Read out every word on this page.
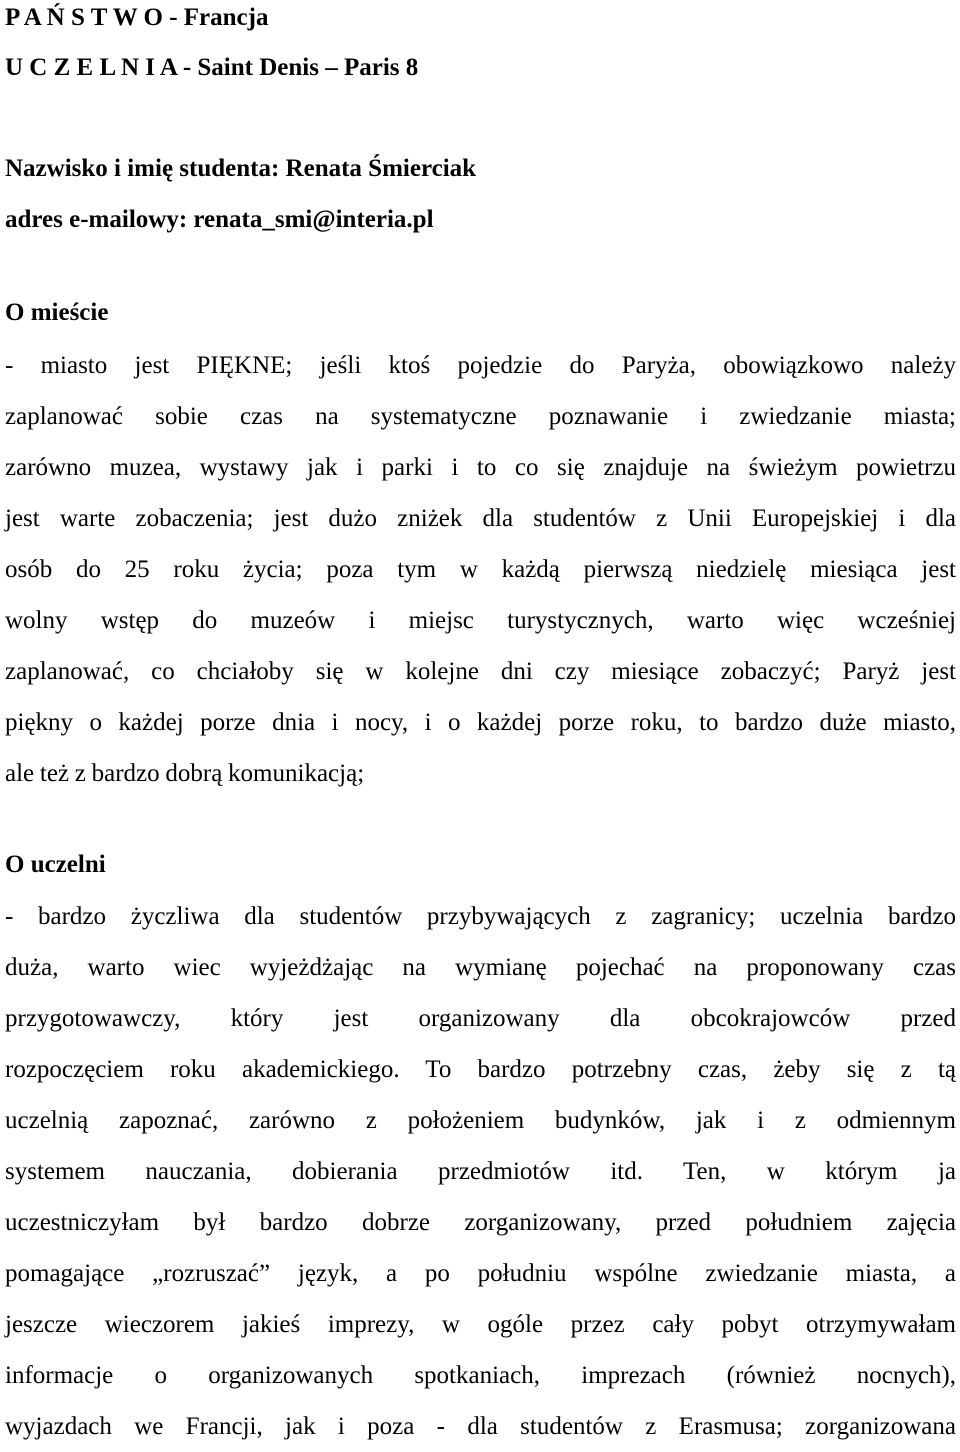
P A Ń S T W O - Francja
U C Z E L N I A - Saint Denis – Paris 8
Nazwisko i imię studenta: Renata Śmierciak
adres e-mailowy: renata_smi@interia.pl
O mieście
- miasto jest PIĘKNE; jeśli ktoś pojedzie do Paryża, obowiązkowo należy
zaplanować sobie czas na systematyczne poznawanie i zwiedzanie miasta;
zarówno muzea, wystawy jak i parki i to co się znajduje na świeżym powietrzu
jest warte zobaczenia; jest dużo zniżek dla studentów z Unii Europejskiej i dla
osób do 25 roku życia; poza tym w każdą pierwszą niedzielę miesiąca jest
wolny wstęp do muzeów i miejsc turystycznych, warto więc wcześniej
zaplanować, co chciałoby się w kolejne dni czy miesiące zobaczyć; Paryż jest
piękny o każdej porze dnia i nocy, i o każdej porze roku, to bardzo duże miasto,
ale też z bardzo dobrą komunikacją;
O uczelni
- bardzo życzliwa dla studentów przybywających z zagranicy; uczelnia bardzo
duża, warto wiec wyjeżdżając na wymianę pojechać na proponowany czas
przygotowawczy, który jest organizowany dla obcokrajowców przed
rozpoczęciem roku akademickiego. To bardzo potrzebny czas, żeby się z tą
uczelnią zapoznać, zarówno z położeniem budynków, jak i z odmiennym
systemem nauczania, dobierania przedmiotów itd. Ten, w którym ja
uczestniczyłam był bardzo dobrze zorganizowany, przed południem zajęcia
pomagające „rozruszać” język, a po południu wspólne zwiedzanie miasta, a
jeszcze wieczorem jakieś imprezy, w ogóle przez cały pobyt otrzymywałam
informacje o organizowanych spotkaniach, imprezach (również nocnych),
wyjazdach we Francji, jak i poza - dla studentów z Erasmusa; zorganizowana
